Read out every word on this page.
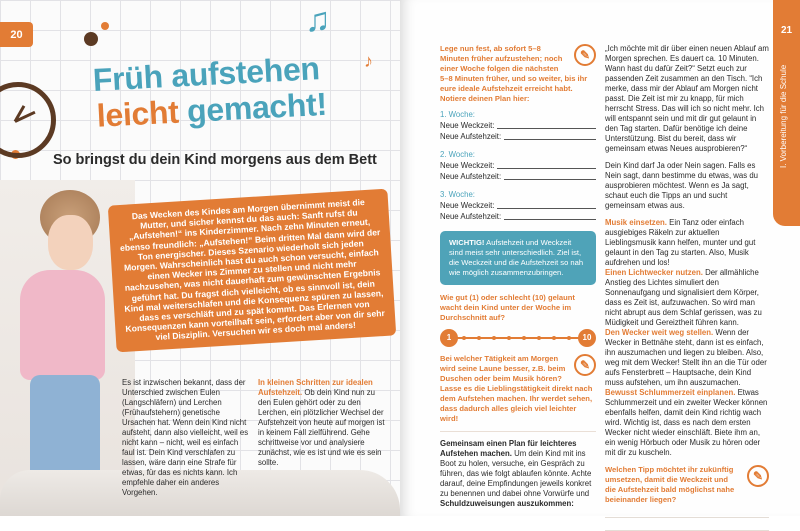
20	♫
♪
Früh aufstehen
leicht gemacht!
So bringst du dein Kind morgens aus dem Bett
Das Wecken des Kindes am Morgen übernimmt meist die Mutter, und sicher kennst du das auch: Sanft rufst du „Aufstehen!“ ins Kinderzimmer. Nach zehn Minuten erneut, ebenso freundlich: „Aufstehen!“ Beim dritten Mal dann wird der Ton energischer. Dieses Szenario wiederholt sich jeden Morgen. Wahrscheinlich hast du auch schon versucht, einfach einen Wecker ins Zimmer zu stellen und nicht mehr nachzusehen, was nicht dauerhaft zum gewünschten Ergebnis geführt hat. Du fragst dich vielleicht, ob es sinnvoll ist, dein Kind mal weiterschlafen und die Konsequenz spüren zu lassen, dass es verschläft und zu spät kommt. Das Erlernen von Konsequenzen kann vorteilhaft sein, erfordert aber von dir sehr viel Disziplin. Versuchen wir es doch mal anders!
Es ist inzwischen bekannt, dass der Unterschied zwischen Eulen (Langschläfern) und Lerchen (Frühaufstehern) genetische Ursachen hat. Wenn dein Kind nicht aufsteht, dann also vielleicht, weil es nicht kann – nicht, weil es einfach faul ist. Dein Kind verschlafen zu lassen, wäre dann eine Strafe für etwas, für das es nichts kann. Ich empfehle daher ein anderes Vorgehen.
In kleinen Schritten zur idealen Aufstehzeit. Ob dein Kind nun zu den Eulen gehört oder zu den Lerchen, ein plötzlicher Wechsel der Aufstehzeit von heute auf morgen ist in keinem Fall zielführend. Gehe schrittweise vor und analysiere zunächst, wie es ist und wie es sein sollte.
21
I. Vorbereitung für die Schule
✎
Lege nun fest, ab sofort 5–8 Minuten früher aufzustehen; noch einer Woche folgen die nächsten 5–8 Minuten früher, und so weiter, bis ihr eure ideale Aufstehzeit erreicht habt. Notiere deinen Plan hier:
1. Woche:
Neue Weckzeit:
Neue Aufstehzeit:
2. Woche:
Neue Weckzeit:
Neue Aufstehzeit:
3. Woche:
Neue Weckzeit:
Neue Aufstehzeit:
WICHTIG! Aufstehzeit und Weckzeit sind meist sehr unterschiedlich. Ziel ist, die Weckzeit und die Aufstehzeit so nah wie möglich zusammenzubringen.
Wie gut (1) oder schlecht (10) gelaunt wacht dein Kind unter der Woche im Durchschnitt auf?
1	10
✎
Bei welcher Tätigkeit am Morgen wird seine Laune besser, z.B. beim Duschen oder beim Musik hören? Lasse es die Lieblingstätigkeit direkt nach dem Aufstehen machen. Ihr werdet sehen, dass dadurch alles gleich viel leichter wird!
Gemeinsam einen Plan für leichteres Aufstehen machen. Um dein Kind mit ins Boot zu holen, versuche, ein Gespräch zu führen, das wie folgt ablaufen könnte. Achte darauf, deine Empfindungen jeweils konkret zu benennen und dabei ohne Vorwürfe und Schuldzuweisungen auszukommen:
„Ich möchte mit dir über einen neuen Ablauf am Morgen sprechen. Es dauert ca. 10 Minuten. Wann hast du dafür Zeit?“ Setzt euch zur passenden Zeit zusammen an den Tisch. “Ich merke, dass mir der Ablauf am Morgen nicht passt. Die Zeit ist mir zu knapp, für mich herrscht Stress. Das will ich so nicht mehr. Ich will entspannt sein und mit dir gut gelaunt in den Tag starten. Dafür benötige ich deine Unterstützung. Bist du bereit, dass wir gemeinsam etwas Neues ausprobieren?“
Dein Kind darf Ja oder Nein sagen. Falls es Nein sagt, dann bestimme du etwas, was du ausprobieren möchtest. Wenn es Ja sagt, schaut euch die Tipps an und sucht gemeinsam etwas aus.
Musik einsetzen. Ein Tanz oder einfach ausgiebiges Räkeln zur aktuellen Lieblingsmusik kann helfen, munter und gut gelaunt in den Tag zu starten. Also, Musik aufdrehen und los!
Einen Lichtwecker nutzen. Der allmähliche Anstieg des Lichtes simuliert den Sonnenaufgang und signalisiert dem Körper, dass es Zeit ist, aufzuwachen. So wird man nicht abrupt aus dem Schlaf gerissen, was zu Müdigkeit und Gereiztheit führen kann.
Den Wecker weit weg stellen. Wenn der Wecker in Bettnähe steht, dann ist es einfach, ihn auszumachen und liegen zu bleiben. Also, weg mit dem Wecker! Stellt ihn an die Tür oder aufs Fensterbrett – Hauptsache, dein Kind muss aufstehen, um ihn auszumachen.
Bewusst Schlummerzeit einplanen. Etwas Schlummerzeit und ein zweiter Wecker können ebenfalls helfen, damit dein Kind richtig wach wird. Wichtig ist, dass es nach dem ersten Wecker nicht wieder einschläft. Biete ihm an, ein wenig Hörbuch oder Musik zu hören oder mit dir zu kuscheln.
✎
Welchen Tipp möchtet ihr zukünftig umsetzen, damit die Weckzeit und die Aufstehzeit bald möglichst nahe beieinander liegen?
